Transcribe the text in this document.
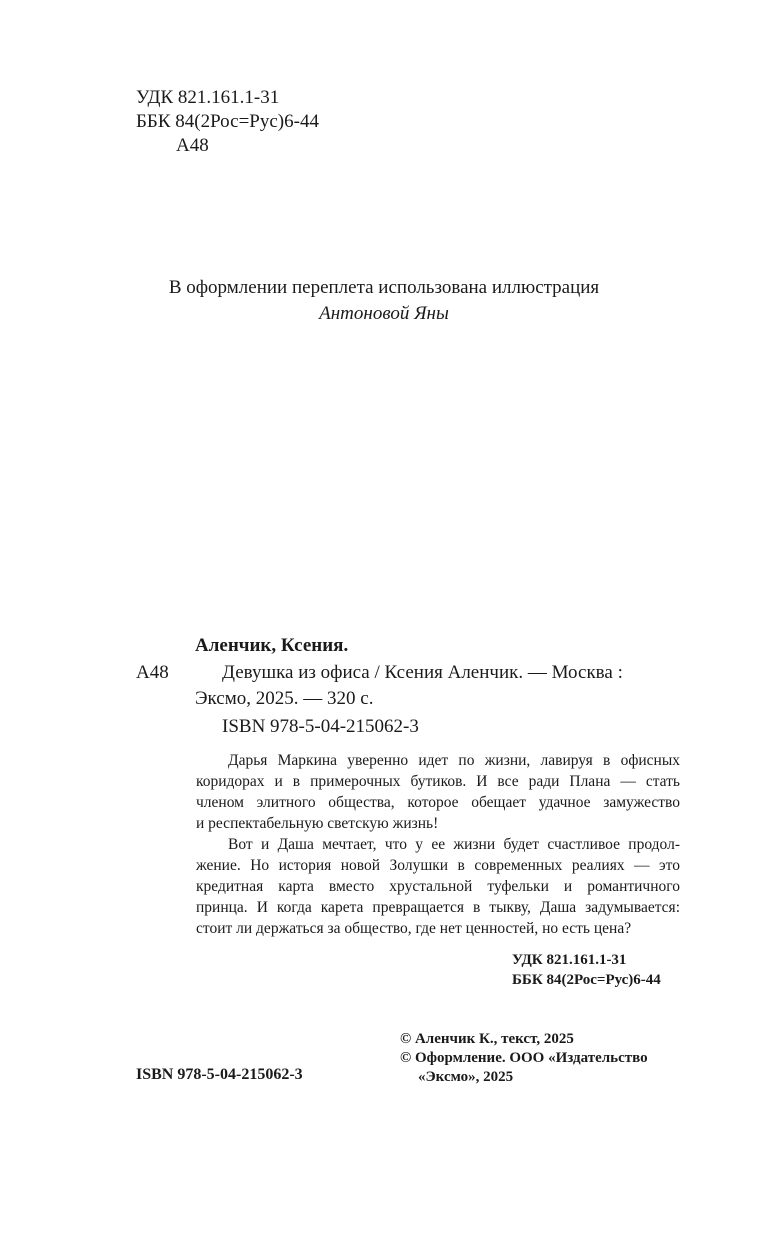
УДК 821.161.1-31
ББК 84(2Рос=Рус)6-44
А48
В оформлении переплета использована иллюстрация
Антоновой Яны
Аленчик, Ксения.
А48	Девушка из офиса / Ксения Аленчик. — Москва :
Эксмо, 2025. — 320 с.
ISBN 978-5-04-215062-3

Дарья Маркина уверенно идет по жизни, лавируя в офисных

коридорах и в примерочных бутиков. И все ради Плана — стать

членом элитного общества, которое обещает удачное замужество

и респектабельную светскую жизнь!

Вот и Даша мечтает, что у ее жизни будет счастливое продол-

жение. Но история новой Золушки в современных реалиях — это

кредитная карта вместо хрустальной туфельки и романтичного

принца. И когда карета превращается в тыкву, Даша задумывается:

стоит ли держаться за общество, где нет ценностей, но есть цена?

УДК 821.161.1-31
ББК 84(2Рос=Рус)6-44
© Аленчик К., текст, 2025
© Оформление. ООО «Издательство
«Эксмо», 2025
ISBN 978-5-04-215062-3
